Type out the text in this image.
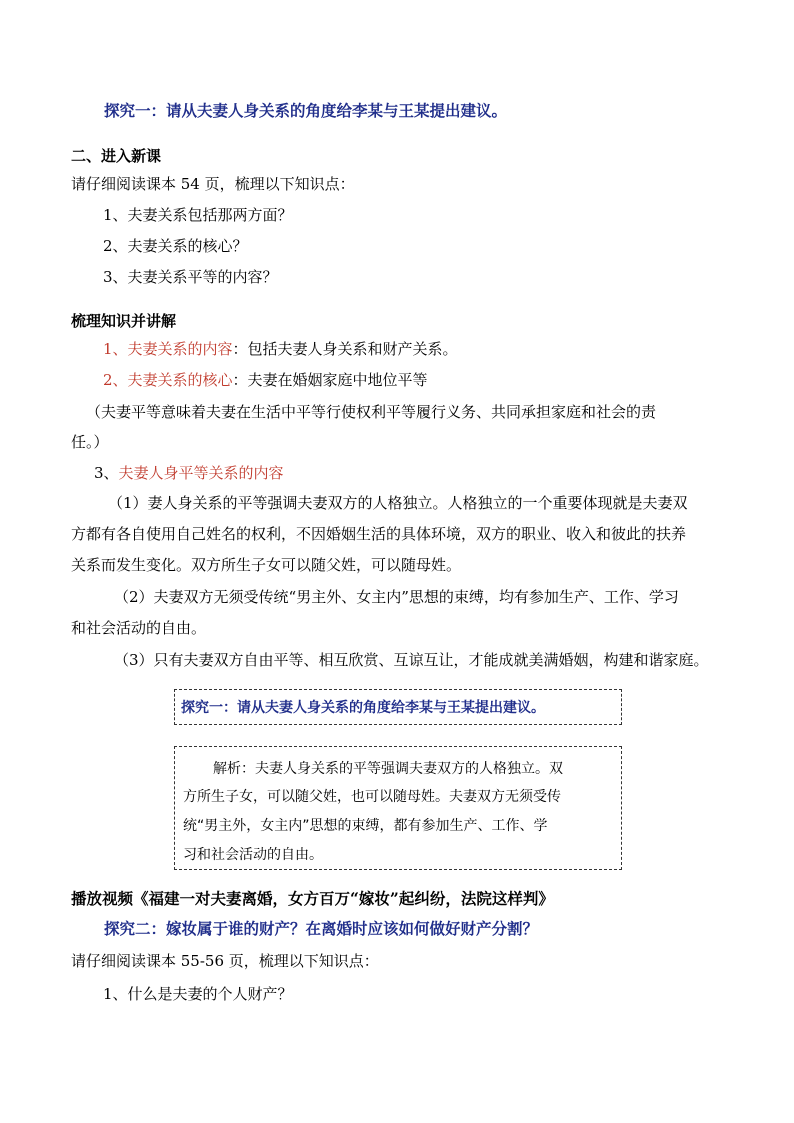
探究一：请从夫妻人身关系的角度给李某与王某提出建议。
二、进入新课
请仔细阅读课本 54 页，梳理以下知识点：
1、夫妻关系包括那两方面？
2、夫妻关系的核心？
3、夫妻关系平等的内容？
梳理知识并讲解
1、夫妻关系的内容：包括夫妻人身关系和财产关系。
2、夫妻关系的核心：夫妻在婚姻家庭中地位平等
（夫妻平等意味着夫妻在生活中平等行使权利平等履行义务、共同承担家庭和社会的责
任。）
3、夫妻人身平等关系的内容
（1）妻人身关系的平等强调夫妻双方的人格独立。人格独立的一个重要体现就是夫妻双
方都有各自使用自己姓名的权利，不因婚姻生活的具体环境，双方的职业、收入和彼此的扶养
关系而发生变化。双方所生子女可以随父姓，可以随母姓。
（2）夫妻双方无须受传统“男主外、女主内”思想的束缚，均有参加生产、工作、学习
和社会活动的自由。
（3）只有夫妻双方自由平等、相互欣赏、互谅互让，才能成就美满婚姻，构建和谐家庭。
探究一：请从夫妻人身关系的角度给李某与王某提出建议。
解析：夫妻人身关系的平等强调夫妻双方的人格独立。双
方所生子女，可以随父姓，也可以随母姓。夫妻双方无须受传
统“男主外，女主内”思想的束缚，都有参加生产、工作、学
习和社会活动的自由。
播放视频《福建一对夫妻离婚，女方百万“嫁妆”起纠纷，法院这样判》
探究二：嫁妆属于谁的财产？在离婚时应该如何做好财产分割？
请仔细阅读课本 55-56 页，梳理以下知识点：
1、什么是夫妻的个人财产？
